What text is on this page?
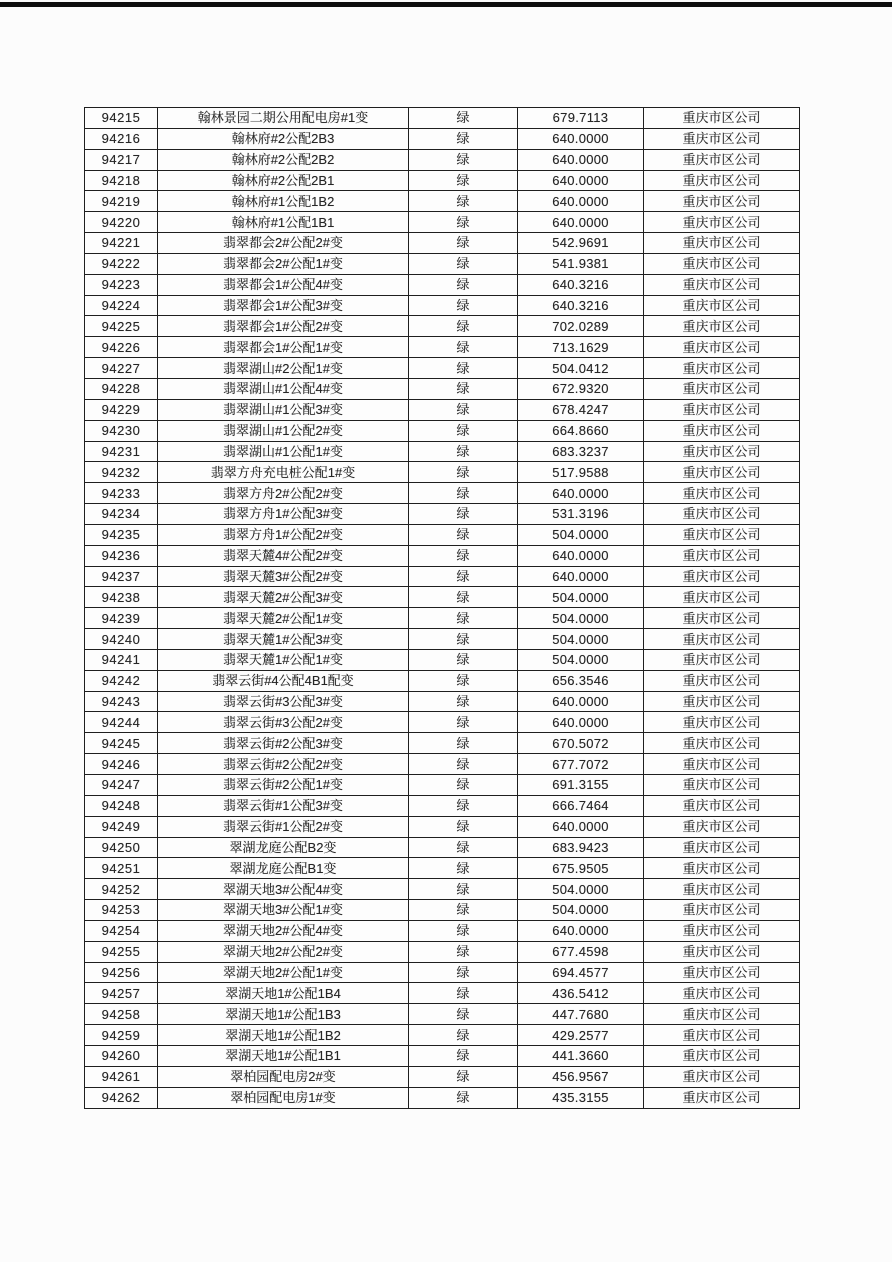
94215	翰林景园二期公用配电房#1变	绿	679.7113	重庆市区公司
94216	翰林府#2公配2B3	绿	640.0000	重庆市区公司
94217	翰林府#2公配2B2	绿	640.0000	重庆市区公司
94218	翰林府#2公配2B1	绿	640.0000	重庆市区公司
94219	翰林府#1公配1B2	绿	640.0000	重庆市区公司
94220	翰林府#1公配1B1	绿	640.0000	重庆市区公司
94221	翡翠都会2#公配2#变	绿	542.9691	重庆市区公司
94222	翡翠都会2#公配1#变	绿	541.9381	重庆市区公司
94223	翡翠都会1#公配4#变	绿	640.3216	重庆市区公司
94224	翡翠都会1#公配3#变	绿	640.3216	重庆市区公司
94225	翡翠都会1#公配2#变	绿	702.0289	重庆市区公司
94226	翡翠都会1#公配1#变	绿	713.1629	重庆市区公司
94227	翡翠湖山#2公配1#变	绿	504.0412	重庆市区公司
94228	翡翠湖山#1公配4#变	绿	672.9320	重庆市区公司
94229	翡翠湖山#1公配3#变	绿	678.4247	重庆市区公司
94230	翡翠湖山#1公配2#变	绿	664.8660	重庆市区公司
94231	翡翠湖山#1公配1#变	绿	683.3237	重庆市区公司
94232	翡翠方舟充电桩公配1#变	绿	517.9588	重庆市区公司
94233	翡翠方舟2#公配2#变	绿	640.0000	重庆市区公司
94234	翡翠方舟1#公配3#变	绿	531.3196	重庆市区公司
94235	翡翠方舟1#公配2#变	绿	504.0000	重庆市区公司
94236	翡翠天麓4#公配2#变	绿	640.0000	重庆市区公司
94237	翡翠天麓3#公配2#变	绿	640.0000	重庆市区公司
94238	翡翠天麓2#公配3#变	绿	504.0000	重庆市区公司
94239	翡翠天麓2#公配1#变	绿	504.0000	重庆市区公司
94240	翡翠天麓1#公配3#变	绿	504.0000	重庆市区公司
94241	翡翠天麓1#公配1#变	绿	504.0000	重庆市区公司
94242	翡翠云街#4公配4B1配变	绿	656.3546	重庆市区公司
94243	翡翠云街#3公配3#变	绿	640.0000	重庆市区公司
94244	翡翠云街#3公配2#变	绿	640.0000	重庆市区公司
94245	翡翠云街#2公配3#变	绿	670.5072	重庆市区公司
94246	翡翠云街#2公配2#变	绿	677.7072	重庆市区公司
94247	翡翠云街#2公配1#变	绿	691.3155	重庆市区公司
94248	翡翠云街#1公配3#变	绿	666.7464	重庆市区公司
94249	翡翠云街#1公配2#变	绿	640.0000	重庆市区公司
94250	翠湖龙庭公配B2变	绿	683.9423	重庆市区公司
94251	翠湖龙庭公配B1变	绿	675.9505	重庆市区公司
94252	翠湖天地3#公配4#变	绿	504.0000	重庆市区公司
94253	翠湖天地3#公配1#变	绿	504.0000	重庆市区公司
94254	翠湖天地2#公配4#变	绿	640.0000	重庆市区公司
94255	翠湖天地2#公配2#变	绿	677.4598	重庆市区公司
94256	翠湖天地2#公配1#变	绿	694.4577	重庆市区公司
94257	翠湖天地1#公配1B4	绿	436.5412	重庆市区公司
94258	翠湖天地1#公配1B3	绿	447.7680	重庆市区公司
94259	翠湖天地1#公配1B2	绿	429.2577	重庆市区公司
94260	翠湖天地1#公配1B1	绿	441.3660	重庆市区公司
94261	翠柏园配电房2#变	绿	456.9567	重庆市区公司
94262	翠柏园配电房1#变	绿	435.3155	重庆市区公司
